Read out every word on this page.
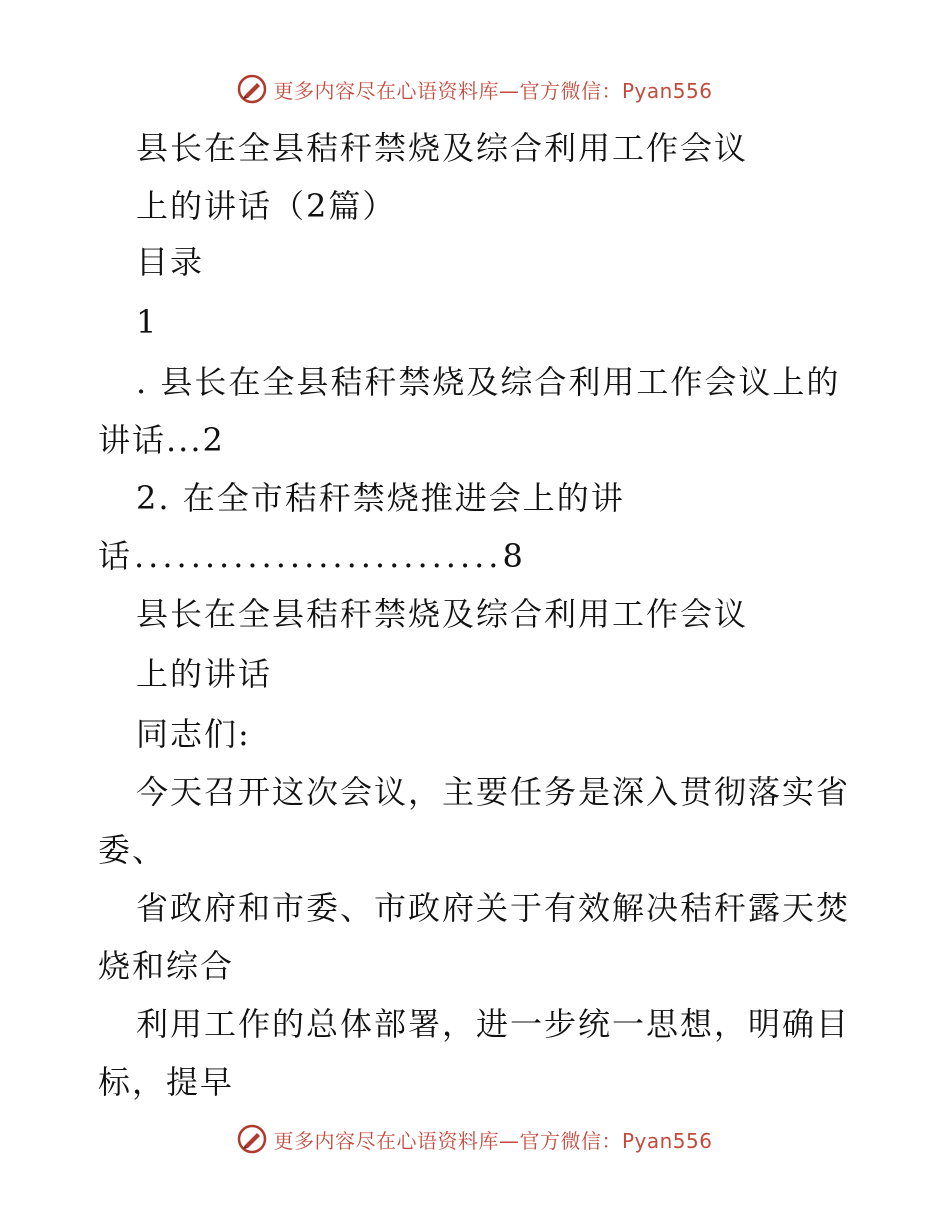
更多内容尽在心语资料库—官方微信：Pyan556
县长在全县秸秆禁烧及综合利用工作会议
上的讲话（2篇）
目录
1
. 县长在全县秸秆禁烧及综合利用工作会议上的
讲话...2
2. 在全市秸秆禁烧推进会上的讲
话..........................8
县长在全县秸秆禁烧及综合利用工作会议
上的讲话
同志们:
今天召开这次会议，主要任务是深入贯彻落实省
委、
省政府和市委、市政府关于有效解决秸秆露天焚
烧和综合
利用工作的总体部署，进一步统一思想，明确目
标，提早
更多内容尽在心语资料库—官方微信：Pyan556
